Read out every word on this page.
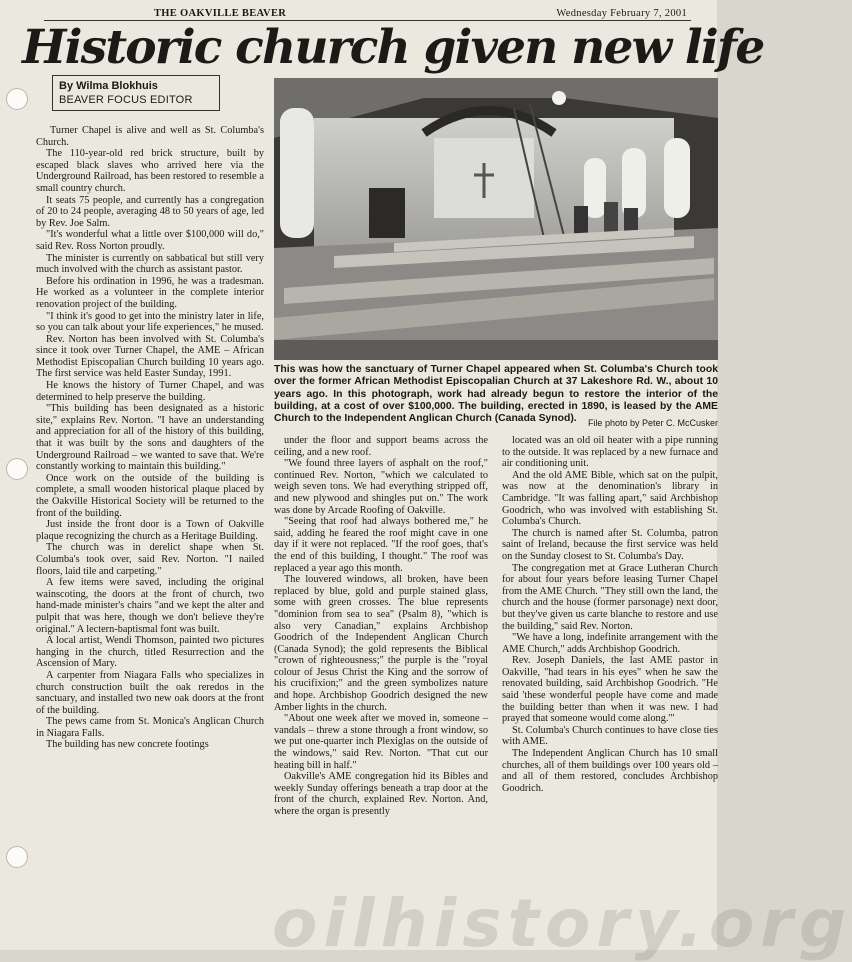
THE OAKVILLE BEAVER	Wednesday February 7, 2001
Historic church given new life
By Wilma Blokhuis
BEAVER FOCUS EDITOR

Turner Chapel is alive and well as St. Columba's Church.

The 110-year-old red brick structure, built by escaped black slaves who arrived here via the Underground Railroad, has been restored to resemble a small country church.

It seats 75 people, and currently has a congregation of 20 to 24 people, averaging 48 to 50 years of age, led by Rev. Joe Salm.

"It's wonderful what a little over $100,000 will do," said Rev. Ross Norton proudly.

The minister is currently on sabbatical but still very much involved with the church as assistant pastor.

Before his ordination in 1996, he was a tradesman. He worked as a volunteer in the complete interior renovation project of the building.

"I think it's good to get into the ministry later in life, so you can talk about your life experiences," he mused.

Rev. Norton has been involved with St. Columba's since it took over Turner Chapel, the AME – African Methodist Episcopalian Church building 10 years ago. The first service was held Easter Sunday, 1991.

He knows the history of Turner Chapel, and was determined to help preserve the building.

"This building has been designated as a historic site," explains Rev. Norton. "I have an understanding and appreciation for all of the history of this building, that it was built by the sons and daughters of the Underground Railroad – we wanted to save that. We're constantly working to maintain this building."

Once work on the outside of the building is complete, a small wooden historical plaque placed by the Oakville Historical Society will be returned to the front of the building.

Just inside the front door is a Town of Oakville plaque recognizing the church as a Heritage Building.

The church was in derelict shape when St. Columba's took over, said Rev. Norton. "I nailed floors, laid tile and carpeting."

A few items were saved, including the original wainscoting, the doors at the front of church, two hand-made minister's chairs "and we kept the alter and pulpit that was here, though we don't believe they're original." A lectern-baptismal font was built.

A local artist, Wendi Thomson, painted two pictures hanging in the church, titled Resurrection and the Ascension of Mary.

A carpenter from Niagara Falls who specializes in church construction built the oak reredos in the sanctuary, and installed two new oak doors at the front of the building.

The pews came from St. Monica's Anglican Church in Niagara Falls.

The building has new concrete footings

This was how the sanctuary of Turner Chapel appeared when St. Columba's Church took over the former African Methodist Episcopalian Church at 37 Lakeshore Rd. W., about 10 years ago. In this photograph, work had already begun to restore the interior of the building, at a cost of over $100,000. The building, erected in 1890, is leased by the AME Church to the Independent Anglican Church (Canada Synod).	File photo by Peter C. McCusker

under the floor and support beams across the ceiling, and a new roof.

"We found three layers of asphalt on the roof," continued Rev. Norton, "which we calculated to weigh seven tons. We had everything stripped off, and new plywood and shingles put on." The work was done by Arcade Roofing of Oakville.

"Seeing that roof had always bothered me," he said, adding he feared the roof might cave in one day if it were not replaced. "If the roof goes, that's the end of this building, I thought." The roof was replaced a year ago this month.

The louvered windows, all broken, have been replaced by blue, gold and purple stained glass, some with green crosses. The blue represents "dominion from sea to sea" (Psalm 8), "which is also very Canadian," explains Archbishop Goodrich of the Independent Anglican Church (Canada Synod); the gold represents the Biblical "crown of righteousness;" the purple is the "royal colour of Jesus Christ the King and the sorrow of his crucifixion;" and the green symbolizes nature and hope. Archbishop Goodrich designed the new Amber lights in the church.

"About one week after we moved in, someone – vandals – threw a stone through a front window, so we put one-quarter inch Plexiglas on the outside of the windows," said Rev. Norton. "That cut our heating bill in half."

Oakville's AME congregation hid its Bibles and weekly Sunday offerings beneath a trap door at the front of the church, explained Rev. Norton. And, where the organ is presently

located was an old oil heater with a pipe running to the outside. It was replaced by a new furnace and air conditioning unit.

And the old AME Bible, which sat on the pulpit, was now at the denomination's library in Cambridge. "It was falling apart," said Archbishop Goodrich, who was involved with establishing St. Columba's Church.

The church is named after St. Columba, patron saint of Ireland, because the first service was held on the Sunday closest to St. Columba's Day.

The congregation met at Grace Lutheran Church for about four years before leasing Turner Chapel from the AME Church. "They still own the land, the church and the house (former parsonage) next door, but they've given us carte blanche to restore and use the building," said Rev. Norton.

"We have a long, indefinite arrangement with the AME Church," adds Archbishop Goodrich.

Rev. Joseph Daniels, the last AME pastor in Oakville, "had tears in his eyes" when he saw the renovated building, said Archbishop Goodrich. "He said 'these wonderful people have come and made the building better than when it was new. I had prayed that someone would come along.'"

St. Columba's Church continues to have close ties with AME.

The Independent Anglican Church has 10 small churches, all of them buildings over 100 years old – and all of them restored, concludes Archbishop Goodrich.

oilhistory.org
